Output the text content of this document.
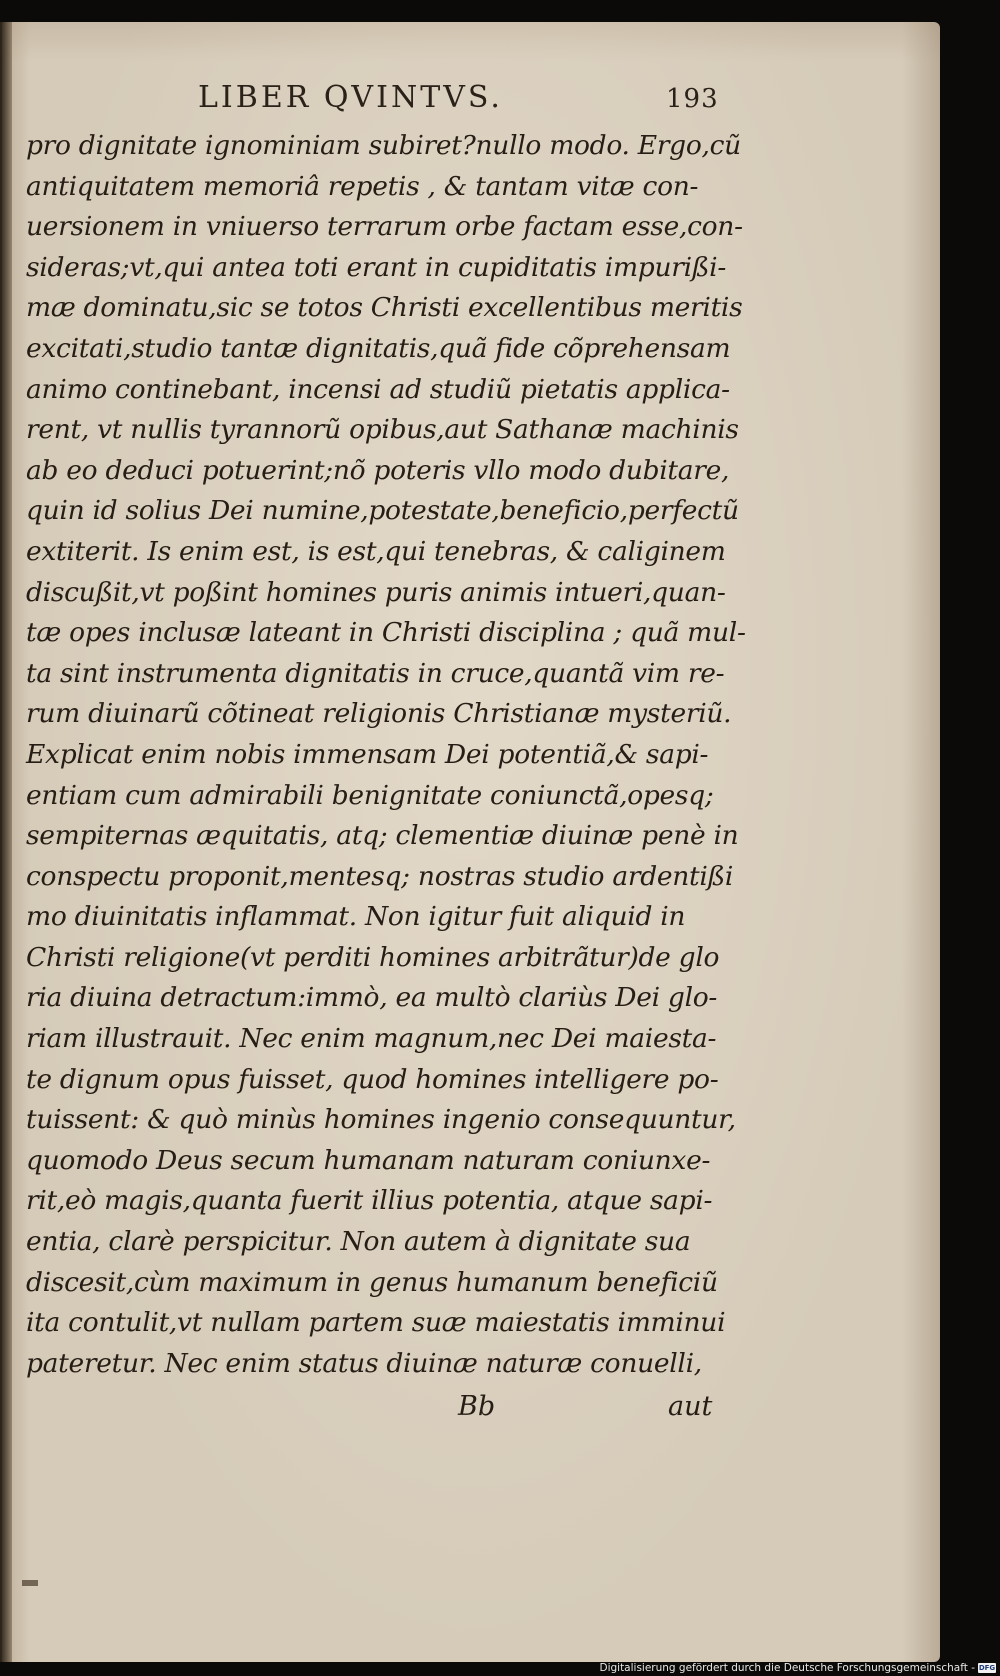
LIBER QVINTVS.	193
pro dignitate ignominiam subiret?nullo modo. Ergo,cũ
antiquitatem memoriâ repetis , & tantam vitæ con-
uersionem in vniuerso terrarum orbe factam esse,con-
sideras;vt,qui antea toti erant in cupiditatis impurißi-
mæ dominatu,sic se totos Christi excellentibus meritis
excitati,studio tantæ dignitatis,quã fide cõprehensam
animo continebant, incensi ad studiũ pietatis applica-
rent, vt nullis tyrannorũ opibus,aut Sathanæ machinis
ab eo deduci potuerint;nõ poteris vllo modo dubitare,
quin id solius Dei numine,potestate,beneficio,perfectũ
extiterit. Is enim est, is est,qui tenebras, & caliginem
discußit,vt poßint homines puris animis intueri,quan-
tæ opes inclusæ lateant in Christi disciplina ; quã mul-
ta sint instrumenta dignitatis in cruce,quantã vim re-
rum diuinarũ cõtineat religionis Christianæ mysteriũ.
Explicat enim nobis immensam Dei potentiã,& sapi-
entiam cum admirabili benignitate coniunctã,opesq;
sempiternas æquitatis, atq; clementiæ diuinæ penè in
conspectu proponit,mentesq; nostras studio ardentißi
mo diuinitatis inflammat. Non igitur fuit aliquid in
Christi religione(vt perditi homines arbitrãtur)de glo
ria diuina detractum:immò, ea multò clariùs Dei glo-
riam illustrauit. Nec enim magnum,nec Dei maiesta-
te dignum opus fuisset, quod homines intelligere po-
tuissent: & quò minùs homines ingenio consequuntur,
quomodo Deus secum humanam naturam coniunxe-
rit,eò magis,quanta fuerit illius potentia, atque sapi-
entia, clarè perspicitur. Non autem à dignitate sua
discesit,cùm maximum in genus humanum beneficiũ
ita contulit,vt nullam partem suæ maiestatis imminui
pateretur. Nec enim status diuinæ naturæ conuelli,
Bb	aut
Digitalisierung gefördert durch die Deutsche Forschungsgemeinschaft - DFG
